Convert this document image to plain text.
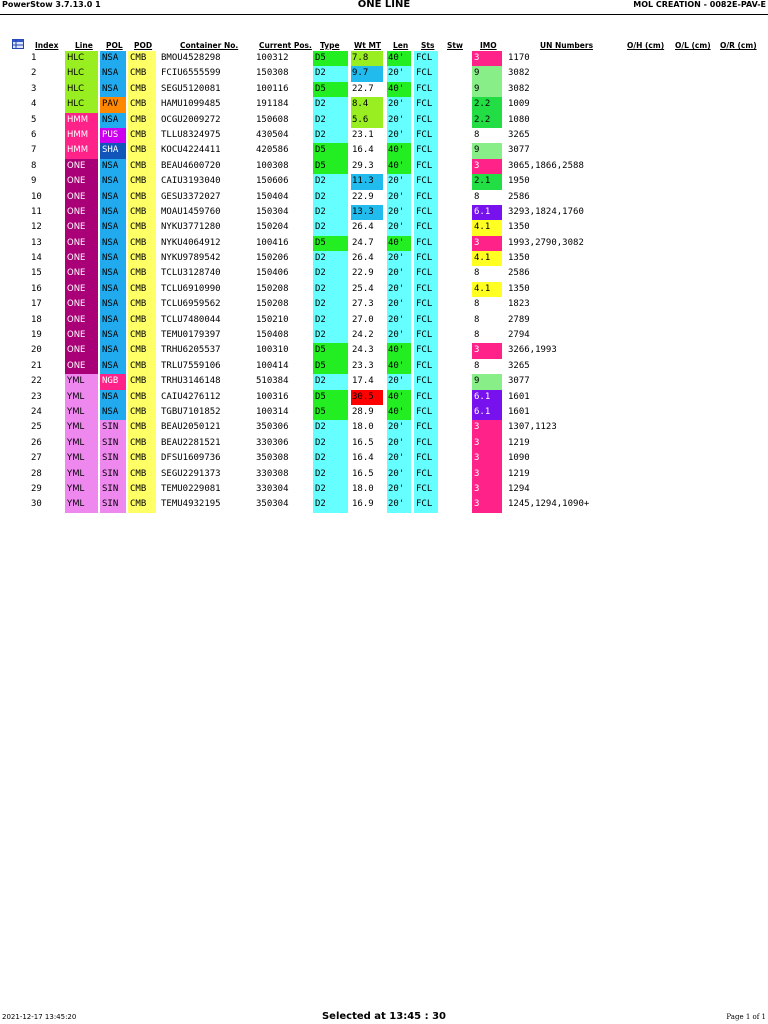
PowerStow 3.7.13.0 1	ONE LINE	MOL CREATION - 0082E-PAV-E
Index Line POL POD	Container No.	Current Pos. Type Wt MT Len Sts Stw IMO	UN Numbers	O/H (cm) O/L (cm) O/R (cm)
1	HLC	NSA	CMB	BMOU4528298	100312	D5	7.8	40'	FCL	3	1170
2	HLC	NSA	CMB	FCIU6555599	150308	D2	9.7	20'	FCL	9	3082
3	HLC	NSA	CMB	SEGU5120081	100116	D5	22.7	40'	FCL	9	3082
4	HLC	PAV	CMB	HAMU1099485	191184	D2	8.4	20'	FCL	2.2	1009
5	HMM	NSA	CMB	OCGU2009272	150608	D2	5.6	20'	FCL	2.2	1080
6	HMM	PUS	CMB	TLLU8324975	430504	D2	23.1	20'	FCL	8	3265
7	HMM	SHA	CMB	KOCU4224411	420586	D5	16.4	40'	FCL	9	3077
8	ONE	NSA	CMB	BEAU4600720	100308	D5	29.3	40'	FCL	3	3065,1866,2588
9	ONE	NSA	CMB	CAIU3193040	150606	D2	11.3	20'	FCL	2.1	1950
10	ONE	NSA	CMB	GESU3372027	150404	D2	22.9	20'	FCL	8	2586
11	ONE	NSA	CMB	MOAU1459760	150304	D2	13.3	20'	FCL	6.1	3293,1824,1760
12	ONE	NSA	CMB	NYKU3771280	150204	D2	26.4	20'	FCL	4.1	1350
13	ONE	NSA	CMB	NYKU4064912	100416	D5	24.7	40'	FCL	3	1993,2790,3082
14	ONE	NSA	CMB	NYKU9789542	150206	D2	26.4	20'	FCL	4.1	1350
15	ONE	NSA	CMB	TCLU3128740	150406	D2	22.9	20'	FCL	8	2586
16	ONE	NSA	CMB	TCLU6910990	150208	D2	25.4	20'	FCL	4.1	1350
17	ONE	NSA	CMB	TCLU6959562	150208	D2	27.3	20'	FCL	8	1823
18	ONE	NSA	CMB	TCLU7480044	150210	D2	27.0	20'	FCL	8	2789
19	ONE	NSA	CMB	TEMU0179397	150408	D2	24.2	20'	FCL	8	2794
20	ONE	NSA	CMB	TRHU6205537	100310	D5	24.3	40'	FCL	3	3266,1993
21	ONE	NSA	CMB	TRLU7559106	100414	D5	23.3	40'	FCL	8	3265
22	YML	NGB	CMB	TRHU3146148	510384	D2	17.4	20'	FCL	9	3077
23	YML	NSA	CMB	CAIU4276112	100316	D5	30.5	40'	FCL	6.1	1601
24	YML	NSA	CMB	TGBU7101852	100314	D5	28.9	40'	FCL	6.1	1601
25	YML	SIN	CMB	BEAU2050121	350306	D2	18.0	20'	FCL	3	1307,1123
26	YML	SIN	CMB	BEAU2281521	330306	D2	16.5	20'	FCL	3	1219
27	YML	SIN	CMB	DFSU1609736	350308	D2	16.4	20'	FCL	3	1090
28	YML	SIN	CMB	SEGU2291373	330308	D2	16.5	20'	FCL	3	1219
29	YML	SIN	CMB	TEMU0229081	330304	D2	18.0	20'	FCL	3	1294
30	YML	SIN	CMB	TEMU4932195	350304	D2	16.9	20'	FCL	3	1245,1294,1090+
2021-12-17 13:45:20	Selected at 13:45 : 30	Page 1 of 1
